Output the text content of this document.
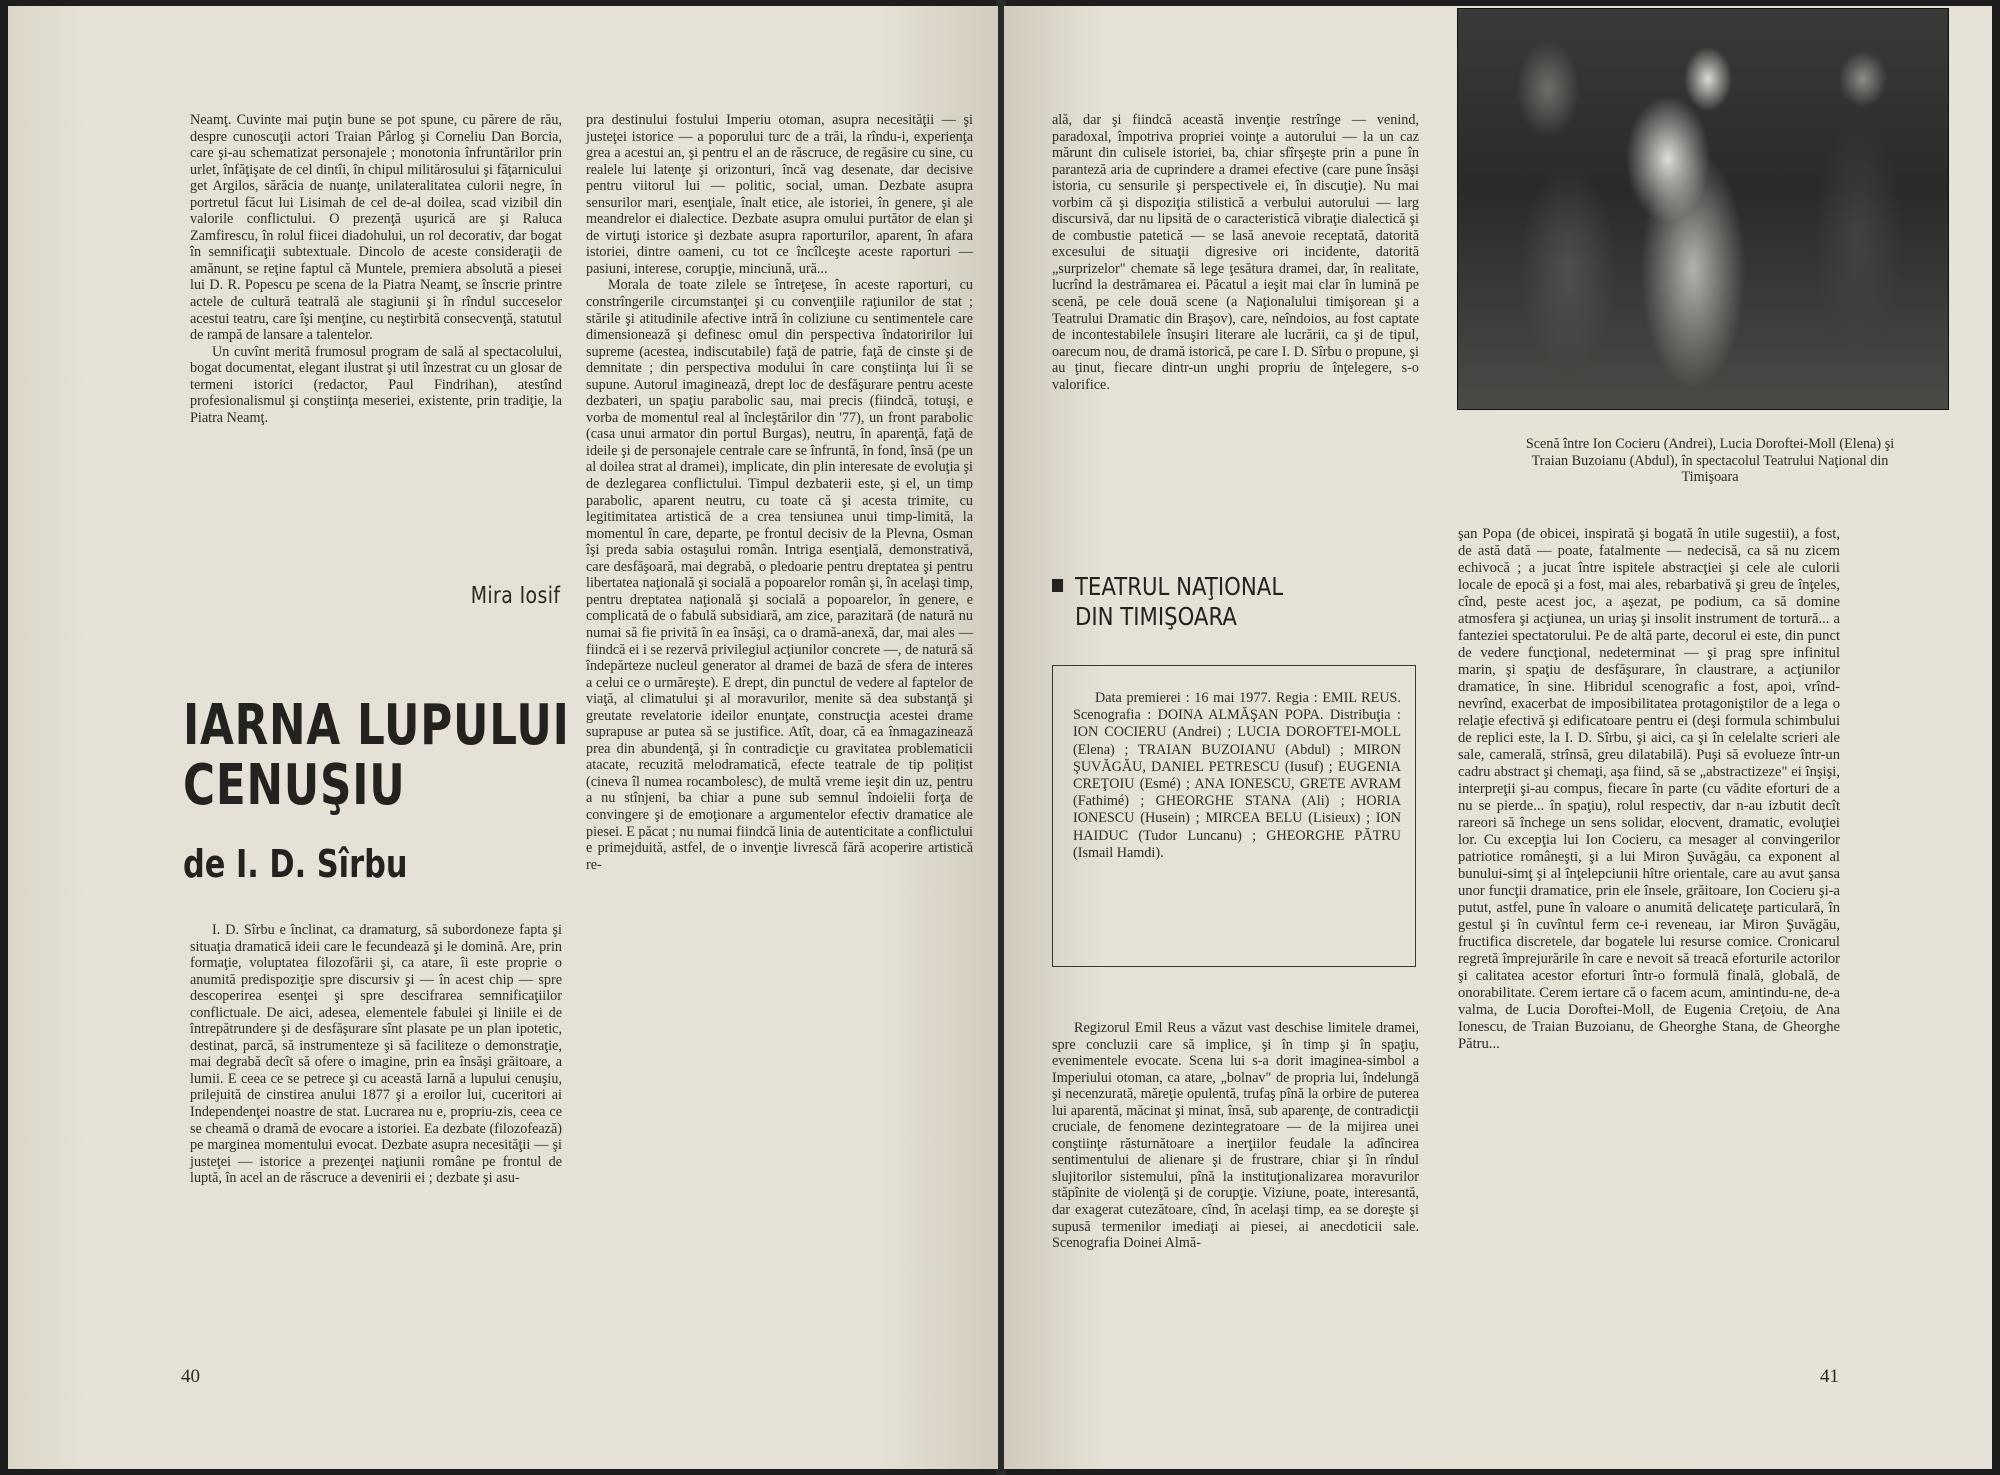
Neamţ. Cuvinte mai puţin bune se pot spune, cu părere de rău, despre cunoscuţii actori Traian Pârlog şi Corneliu Dan Borcia, care şi-au schematizat personajele ; monotonia înfruntărilor prin urlet, înfăţişate de cel dintîi, în chipul militărosului şi făţarnicului get Argilos, sărăcia de nuanţe, unilateralitatea culorii negre, în portretul făcut lui Lisimah de cel de-al doilea, scad vizibil din valorile conflictului. O prezenţă uşurică are şi Raluca Zamfirescu, în rolul fiicei diadohului, un rol decorativ, dar bogat în semnificaţii subtextuale. Dincolo de aceste consideraţii de amănunt, se reţine faptul că Muntele, premiera absolută a piesei lui D. R. Popescu pe scena de la Piatra Neamţ, se înscrie printre actele de cultură teatrală ale stagiunii şi în rîndul succeselor acestui teatru, care îşi menţine, cu neştirbită consecvenţă, statutul de rampă de lansare a talentelor.

Un cuvînt merită frumosul program de sală al spectacolului, bogat documentat, elegant ilustrat şi util înzestrat cu un glosar de termeni istorici (redactor, Paul Findrihan), atestînd profesionalismul şi conştiinţa meseriei, existente, prin tradiţie, la Piatra Neamţ.

Mira Iosif
IARNA LUPULUI
CENUŞIU
de I. D. Sîrbu

I. D. Sîrbu e înclinat, ca dramaturg, să subordoneze fapta şi situaţia dramatică ideii care le fecundează şi le domină. Are, prin formaţie, voluptatea filozofării şi, ca atare, îi este proprie o anumită predispoziţie spre discursiv şi — în acest chip — spre descoperirea esenţei şi spre descifrarea semnificaţiilor conflictuale. De aici, adesea, elementele fabulei şi liniile ei de întrepătrundere şi de desfăşurare sînt plasate pe un plan ipotetic, destinat, parcă, să instrumenteze şi să faciliteze o demonstraţie, mai degrabă decît să ofere o imagine, prin ea însăşi grăitoare, a lumii. E ceea ce se petrece şi cu această Iarnă a lupului cenuşiu, prilejuită de cinstirea anului 1877 şi a eroilor lui, cuceritori ai Independenţei noastre de stat. Lucrarea nu e, propriu-zis, ceea ce se cheamă o dramă de evocare a istoriei. Ea dezbate (filozofează) pe marginea momentului evocat. Dezbate asupra necesităţii — şi justeţei — istorice a prezenţei naţiunii române pe frontul de luptă, în acel an de răscruce a devenirii ei ; dezbate şi asu-

pra destinului fostului Imperiu otoman, asupra necesităţii — şi justeţei istorice — a poporului turc de a trăi, la rîndu-i, experienţa grea a acestui an, şi pentru el an de răscruce, de regăsire cu sine, cu realele lui latenţe şi orizonturi, încă vag desenate, dar decisive pentru viitorul lui — politic, social, uman. Dezbate asupra sensurilor mari, esenţiale, înalt etice, ale istoriei, în genere, şi ale meandrelor ei dialectice. Dezbate asupra omului purtător de elan şi de virtuţi istorice şi dezbate asupra raporturilor, aparent, în afara istoriei, dintre oameni, cu tot ce încîlceşte aceste raporturi — pasiuni, interese, corupţie, minciună, ură...

Morala de toate zilele se întreţese, în aceste raporturi, cu constrîngerile circumstanţei şi cu convenţiile raţiunilor de stat ; stările şi atitudinile afective intră în coliziune cu sentimentele care dimensionează şi definesc omul din perspectiva îndatoririlor lui supreme (acestea, indiscutabile) faţă de patrie, faţă de cinste şi de demnitate ; din perspectiva modului în care conştiinţa lui îi se supune. Autorul imaginează, drept loc de desfăşurare pentru aceste dezbateri, un spaţiu parabolic sau, mai precis (fiindcă, totuşi, e vorba de momentul real al încleştărilor din '77), un front parabolic (casa unui armator din portul Burgas), neutru, în aparenţă, faţă de ideile şi de personajele centrale care se înfruntă, în fond, însă (pe un al doilea strat al dramei), implicate, din plin interesate de evoluţia şi de dezlegarea conflictului. Timpul dezbaterii este, şi el, un timp parabolic, aparent neutru, cu toate că şi acesta trimite, cu legitimitatea artistică de a crea tensiunea unui timp-limită, la momentul în care, departe, pe frontul decisiv de la Plevna, Osman îşi preda sabia ostaşului român. Intriga esenţială, demonstrativă, care desfăşoară, mai degrabă, o pledoarie pentru dreptatea şi pentru libertatea naţională şi socială a popoarelor român şi, în acelaşi timp, pentru dreptatea naţională şi socială a popoarelor, în genere, e complicată de o fabulă subsidiară, am zice, parazitară (de natură nu numai să fie privită în ea însăşi, ca o dramă-anexă, dar, mai ales — fiindcă ei i se rezervă privilegiul acţiunilor concrete —, de natură să îndepărteze nucleul generator al dramei de bază de sfera de interes a celui ce o urmăreşte). E drept, din punctul de vedere al faptelor de viaţă, al climatului şi al moravurilor, menite să dea substanţă şi greutate revelatorie ideilor enunţate, construcţia acestei drame suprapuse ar putea să se justifice. Atît, doar, că ea înmagazinează prea din abundenţă, şi în contradicţie cu gravitatea problematicii atacate, recuzită melodramatică, efecte teatrale de tip polițist (cineva îl numea rocambolesc), de multă vreme ieşit din uz, pentru a nu stînjeni, ba chiar a pune sub semnul îndoielii forţa de convingere şi de emoţionare a argumentelor efectiv dramatice ale piesei. E păcat ; nu numai fiindcă linia de autenticitate a conflictului e primejduită, astfel, de o invenţie livrescă fără acoperire artistică re-

40

ală, dar şi fiindcă această invenţie restrînge — venind, paradoxal, împotriva propriei voinţe a autorului — la un caz mărunt din culisele istoriei, ba, chiar sfîrşeşte prin a pune în paranteză aria de cuprindere a dramei efective (care pune însăşi istoria, cu sensurile şi perspectivele ei, în discuţie). Nu mai vorbim că şi dispoziţia stilistică a verbului autorului — larg discursivă, dar nu lipsită de o caracteristică vibraţie dialectică şi de combustie patetică — se lasă anevoie receptată, datorită excesului de situaţii digresive ori incidente, datorită „surprizelor" chemate să lege ţesătura dramei, dar, în realitate, lucrînd la destrămarea ei. Păcatul a ieşit mai clar în lumină pe scenă, pe cele două scene (a Naţionalului timişorean şi a Teatrului Dramatic din Braşov), care, neîndoios, au fost captate de incontestabilele însuşiri literare ale lucrării, ca şi de tipul, oarecum nou, de dramă istorică, pe care I. D. Sîrbu o propune, şi au ţinut, fiecare dintr-un unghi propriu de înţelegere, s-o valorifice.

TEATRUL NAŢIONAL
DIN TIMIŞOARA

Data premierei : 16 mai 1977. Regia : EMIL REUS. Scenografia : DOINA ALMĂŞAN POPA. Distribuţia : ION COCIERU (Andrei) ; LUCIA DOROFTEI-MOLL (Elena) ; TRAIAN BUZOIANU (Abdul) ; MIRON ŞUVĂGĂU, DANIEL PETRESCU (Iusuf) ; EUGENIA CREŢOIU (Esmé) ; ANA IONESCU, GRETE AVRAM (Fathimé) ; GHEORGHE STANA (Ali) ; HORIA IONESCU (Husein) ; MIRCEA BELU (Lisieux) ; ION HAIDUC (Tudor Luncanu) ; GHEORGHE PĂTRU (Ismail Hamdi).

Regizorul Emil Reus a văzut vast deschise limitele dramei, spre concluzii care să implice, şi în timp şi în spaţiu, evenimentele evocate. Scena lui s-a dorit imaginea-simbol a Imperiului otoman, ca atare, „bolnav" de propria lui, îndelungă şi necenzurată, măreţie opulentă, trufaş pînă la orbire de puterea lui aparentă, măcinat şi minat, însă, sub aparenţe, de contradicţii cruciale, de fenomene dezintegratoare — de la mijirea unei conştiinţe răsturnătoare a inerţiilor feudale la adîncirea sentimentului de alienare şi de frustrare, chiar şi în rîndul slujitorilor sistemului, pînă la instituţionalizarea moravurilor stăpînite de violenţă şi de corupţie. Viziune, poate, interesantă, dar exagerat cutezătoare, cînd, în acelaşi timp, ea se doreşte şi supusă termenilor imediaţi ai piesei, ai anecdoticii sale. Scenografia Doinei Almă-

Scenă între Ion Cocieru (Andrei), Lucia Doroftei-Moll (Elena) şi Traian Buzoianu (Abdul), în spectacolul Teatrului Naţional din Timişoara

şan Popa (de obicei, inspirată şi bogată în utile sugestii), a fost, de astă dată — poate, fatalmente — nedecisă, ca să nu zicem echivocă ; a jucat între ispitele abstracţiei şi cele ale culorii locale de epocă şi a fost, mai ales, rebarbativă şi greu de înţeles, cînd, peste acest joc, a aşezat, pe podium, ca să domine atmosfera şi acţiunea, un uriaş şi insolit instrument de tortură... a fanteziei spectatorului. Pe de altă parte, decorul ei este, din punct de vedere funcţional, nedeterminat — şi prag spre infinitul marin, şi spaţiu de desfăşurare, în claustrare, a acţiunilor dramatice, în sine. Hibridul scenografic a fost, apoi, vrînd-nevrînd, exacerbat de imposibilitatea protagoniştilor de a lega o relaţie efectivă şi edificatoare pentru ei (deşi formula schimbului de replici este, la I. D. Sîrbu, şi aici, ca şi în celelalte scrieri ale sale, camerală, strînsă, greu dilatabilă). Puşi să evolueze într-un cadru abstract şi chemaţi, aşa fiind, să se „abstractizeze" ei înşişi, interpreţii şi-au compus, fiecare în parte (cu vădite eforturi de a nu se pierde... în spaţiu), rolul respectiv, dar n-au izbutit decît rareori să închege un sens solidar, elocvent, dramatic, evoluţiei lor. Cu excepţia lui Ion Cocieru, ca mesager al convingerilor patriotice româneşti, şi a lui Miron Şuvăgău, ca exponent al bunului-simţ şi al înţelepciunii hître orientale, care au avut şansa unor funcţii dramatice, prin ele însele, grăitoare, Ion Cocieru şi-a putut, astfel, pune în valoare o anumită delicateţe particulară, în gestul şi în cuvîntul ferm ce-i reveneau, iar Miron Şuvăgău, fructifica discretele, dar bogatele lui resurse comice. Cronicarul regretă împrejurările în care e nevoit să treacă eforturile actorilor şi calitatea acestor eforturi într-o formulă finală, globală, de onorabilitate. Cerem iertare că o facem acum, amintindu-ne, de-a valma, de Lucia Doroftei-Moll, de Eugenia Creţoiu, de Ana Ionescu, de Traian Buzoianu, de Gheorghe Stana, de Gheorghe Pătru...

41
